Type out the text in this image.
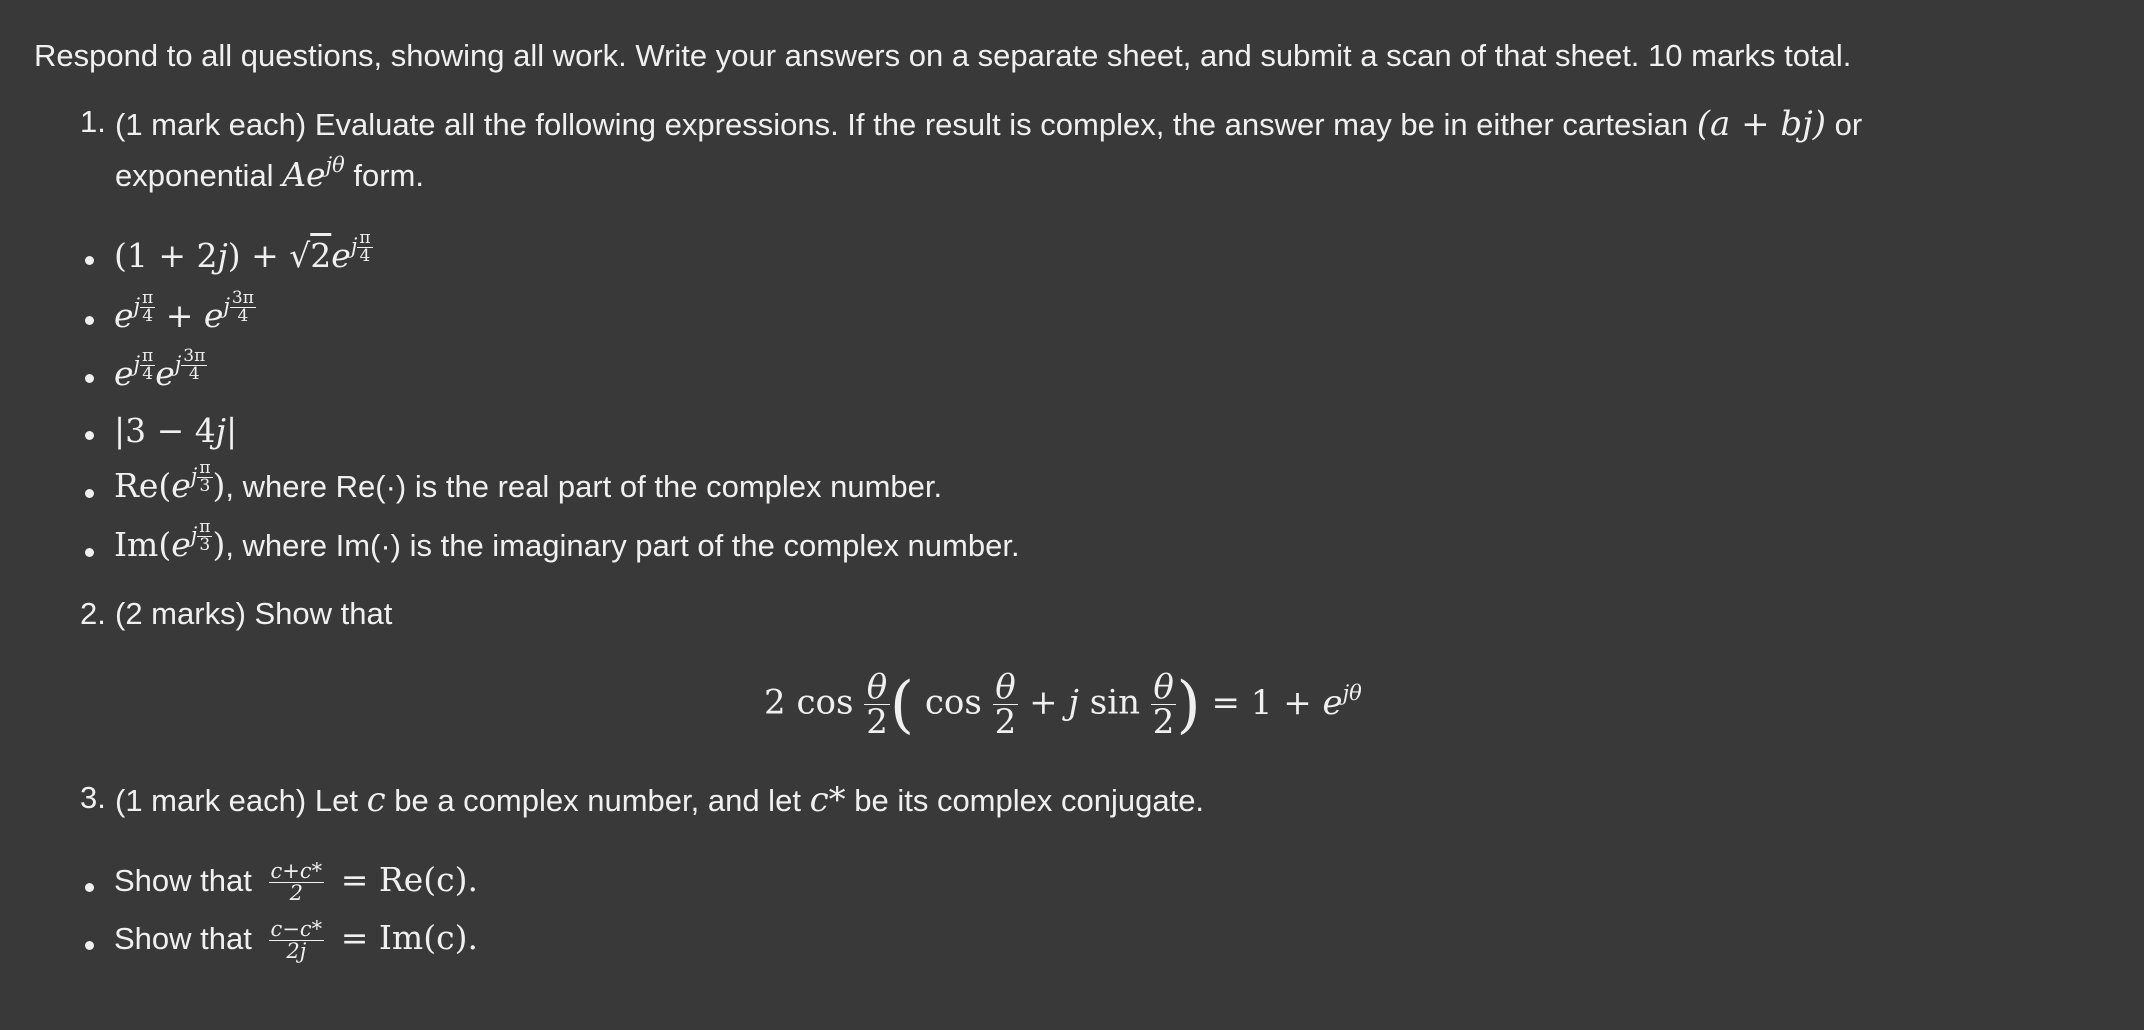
Respond to all questions, showing all work. Write your answers on a separate sheet, and submit a scan of that sheet. 10 marks total.
1. (1 mark each) Evaluate all the following expressions. If the result is complex, the answer may be in either cartesian (a + bj) or
exponential $Ae^{j\theta}$ form.
$(1 + 2j) + √2e^{j \frac{\pi}{4}}$
$e^{j \frac{\pi}{4}} + e^{j \frac{3\pi}{4}}$
$e^{j \frac{\pi}{4}}$ $e^{j \frac{3\pi}{4}}$
|3 − 4j|
$Re(e^{j \frac{\pi}{3}}$ ), where Re(·) is the real part of the complex number.
$Im(e^{j \frac{\pi}{3}}$ ), where Im(·) is the imaginary part of the complex number.
2. (2 marks) Show that
2 $\cos \frac{\theta}{2}$ ( $\cos \frac{\theta}{2} + j$ $\sin \frac{\theta}{2}$ ) = $1 + e^{j\theta}$
3. (1 mark each) Let c be a complex number, and let c* be its complex conjugate.
Show that $\frac{c+c*}{2} = Re(c)$.
Show that $\frac{c-c*}{2j} = Im(c)$.
